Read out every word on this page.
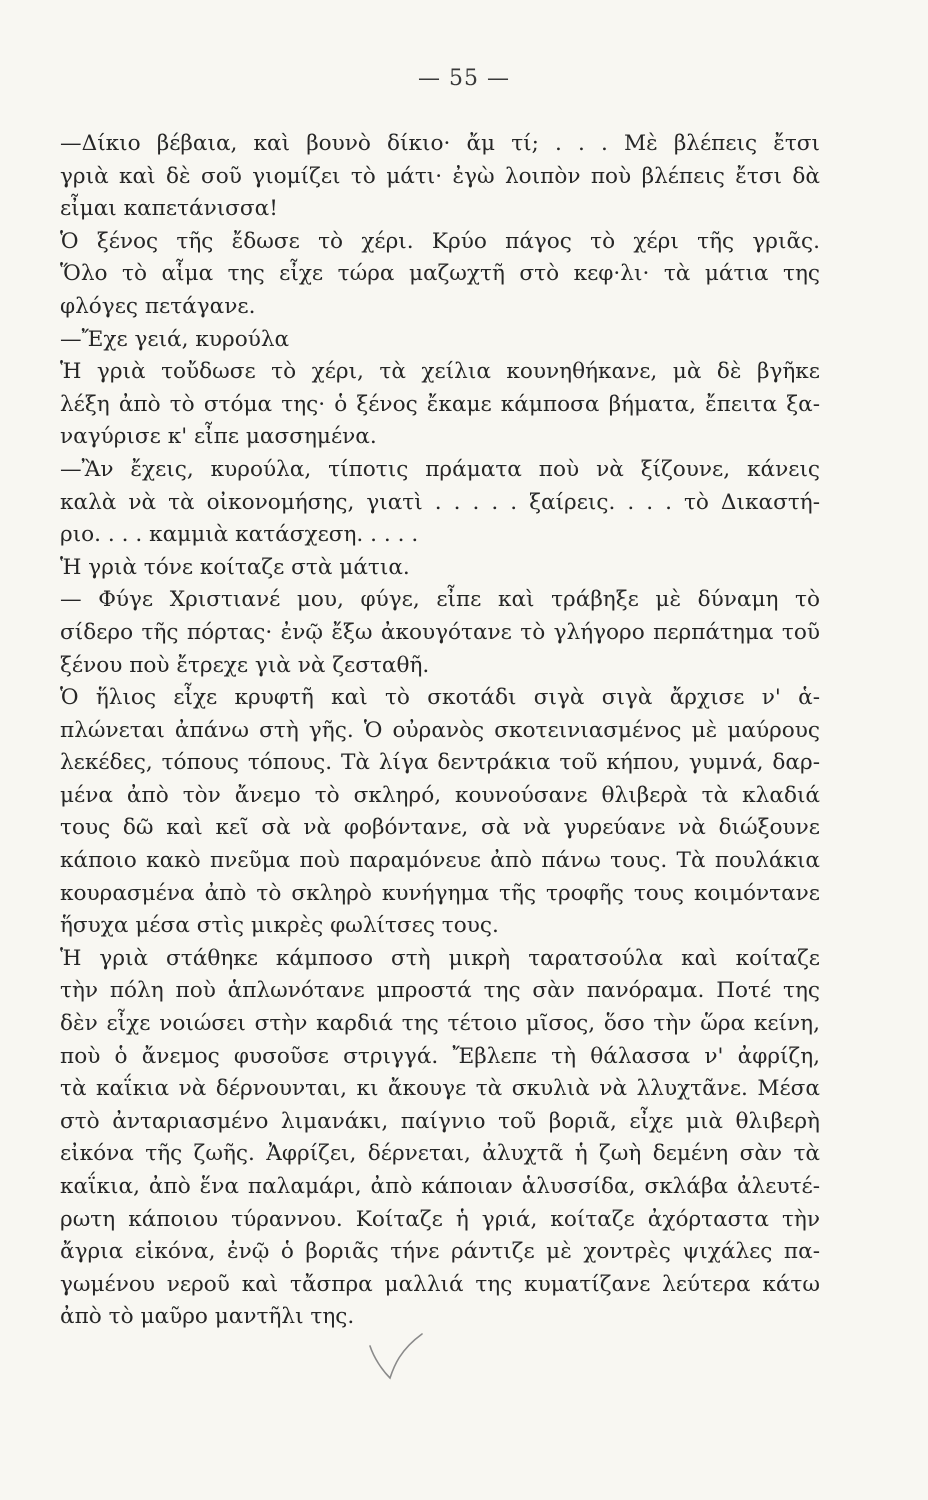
— 55 —
—Δίκιο βέβαια, καὶ βουνὸ δίκιο· ἄμ τί; . . . Μὲ βλέπεις ἔτσι
γριὰ καὶ δὲ σοῦ γιομίζει τὸ μάτι· ἐγὼ λοιπὸν ποὺ βλέπεις ἔτσι δὰ
εἶμαι καπετάνισσα!
Ὁ ξένος τῆς ἔδωσε τὸ χέρι. Κρύο πάγος τὸ χέρι τῆς γριᾶς.
Ὅλο τὸ αἷμα της εἶχε τώρα μαζωχτῆ στὸ κεφ·λι· τὰ μάτια της
φλόγες πετάγανε.
—Ἔχε γειά, κυρούλα
Ἡ γριὰ τοὔδωσε τὸ χέρι, τὰ χείλια κουνηθήκανε, μὰ δὲ βγῆκε
λέξη ἀπὸ τὸ στόμα της· ὁ ξένος ἔκαμε κάμποσα βήματα, ἔπειτα ξα-
ναγύρισε κ' εἶπε μασσημένα.
—Ἂν ἔχεις, κυρούλα, τίποτις πράματα ποὺ νὰ ξίζουνε, κάνεις
καλὰ νὰ τὰ οἰκονομήσης, γιατὶ . . . . . ξαίρεις. . . . τὸ Δικαστή-
ριο. . . . καμμιὰ κατάσχεση. . . . .
Ἡ γριὰ τόνε κοίταζε στὰ μάτια.
— Φύγε Χριστιανέ μου, φύγε, εἶπε καὶ τράβηξε μὲ δύναμη τὸ
σίδερο τῆς πόρτας· ἐνῷ ἔξω ἀκουγότανε τὸ γλήγορο περπάτημα τοῦ
ξένου ποὺ ἔτρεχε γιὰ νὰ ζεσταθῆ.
Ὁ ἥλιος εἶχε κρυφτῆ καὶ τὸ σκοτάδι σιγὰ σιγὰ ἄρχισε ν' ἁ-
πλώνεται ἀπάνω στὴ γῆς. Ὁ οὐρανὸς σκοτεινιασμένος μὲ μαύρους
λεκέδες, τόπους τόπους. Τὰ λίγα δεντράκια τοῦ κήπου, γυμνά, δαρ-
μένα ἀπὸ τὸν ἄνεμο τὸ σκληρό, κουνούσανε θλιβερὰ τὰ κλαδιά
τους δῶ καὶ κεῖ σὰ νὰ φοβόντανε, σὰ νὰ γυρεύανε νὰ διώξουνε
κάποιο κακὸ πνεῦμα ποὺ παραμόνευε ἀπὸ πάνω τους. Τὰ πουλάκια
κουρασμένα ἀπὸ τὸ σκληρὸ κυνήγημα τῆς τροφῆς τους κοιμόντανε
ἥσυχα μέσα στὶς μικρὲς φωλίτσες τους.
Ἡ γριὰ στάθηκε κάμποσο στὴ μικρὴ ταρατσούλα καὶ κοίταζε
τὴν πόλη ποὺ ἁπλωνότανε μπροστά της σὰν πανόραμα. Ποτέ της
δὲν εἶχε νοιώσει στὴν καρδιά της τέτοιο μῖσος, ὅσο τὴν ὥρα κείνη,
ποὺ ὁ ἄνεμος φυσοῦσε στριγγά. Ἔβλεπε τὴ θάλασσα ν' ἀφρίζη,
τὰ καΐκια νὰ δέρνουνται, κι ἄκουγε τὰ σκυλιὰ νὰ λλυχτᾶνε. Μέσα
στὸ ἀνταριασμένο λιμανάκι, παίγνιο τοῦ βοριᾶ, εἶχε μιὰ θλιβερὴ
εἰκόνα τῆς ζωῆς. Ἀφρίζει, δέρνεται, ἀλυχτᾶ ἡ ζωὴ δεμένη σὰν τὰ
καΐκια, ἀπὸ ἕνα παλαμάρι, ἀπὸ κάποιαν ἁλυσσίδα, σκλάβα ἀλευτέ-
ρωτη κάποιου τύραννου. Κοίταζε ἡ γριά, κοίταζε ἀχόρταστα τὴν
ἄγρια εἰκόνα, ἐνῷ ὁ βοριᾶς τήνε ράντιζε μὲ χοντρὲς ψιχάλες πα-
γωμένου νεροῦ καὶ τἄσπρα μαλλιά της κυματίζανε λεύτερα κάτω
ἀπὸ τὸ μαῦρο μαντῆλι της.
